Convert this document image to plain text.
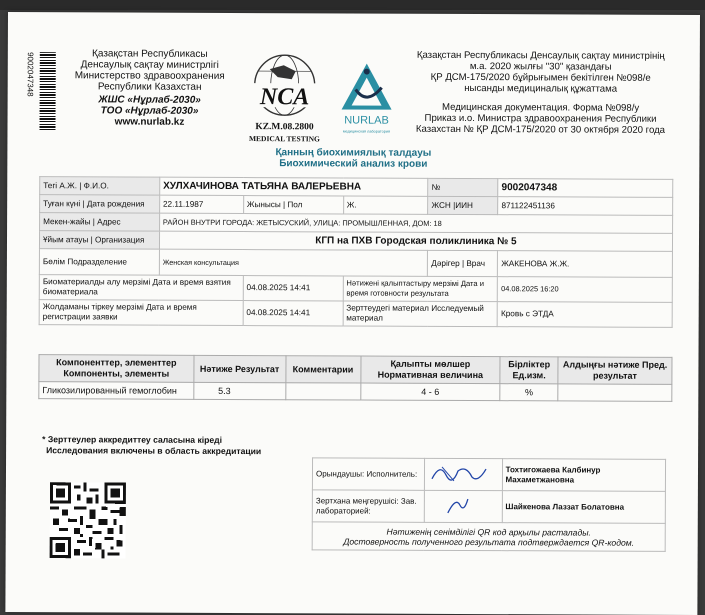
9002047348	Қазақстан Республикасы
Денсаулық сақтау министрлігі
Министерство здравоохранения
Республики Казахстан
ЖШС «Нұрлаб-2030»
ТОО «Нұрлаб-2030»
www.nurlab.kz
NCA
KZ.M.08.2800
MEDICAL TESTING
NURLAB
медицинская лаборатория
Қазақстан Республикасы Денсаулық сақтау министрінің
м.а. 2020 жылғы "30" қазандағы
ҚР ДСМ-175/2020 бұйрығымен бекітілген №098/е
нысанды медициналық құжаттама
Медицинская документация. Форма №098/у
Приказ и.о. Министра здравоохранения Республики
Казахстан № ҚР ДСМ-175/2020 от 30 октября 2020 года
Қанның биохимиялық талдауы
Биохимический анализ крови
Тегі А.Ж. | Ф.И.О.	ХУЛХАЧИНОВА ТАТЬЯНА ВАЛЕРЬЕВНА			№	9002047348
Туған күні | Дата рождения	22.11.1987	Жынысы | Пол	Ж.	ЖСН |ИИН	871122451136
Мекен-жайы | Адрес	РАЙОН ВНУТРИ ГОРОДА: ЖЕТЫСУСКИЙ, УЛИЦА: ПРОМЫШЛЕННАЯ, ДОМ: 18				
Ұйым атауы | Организация	КГП на ПХВ Городская поликлиника № 5				
Бөлім Подразделение	Женская консультация			Дәрігер | Врач	ЖАКЕНОВА Ж.Ж.
Биоматериалды алу мерзімі Дата и время взятия биоматериала		04.08.2025 14:41	Нәтижені қалыптастыру мерзімі Дата и время готовности результата		04.08.2025 16:20
Жолдаманы тіркеу мерзімі Дата и время регистрации заявки		04.08.2025 14:41	Зерттеудегі материал Исследуемый материал		Кровь с ЭТДА
Компоненттер, элементтер Компоненты, элементы	Нәтиже Результат	Комментарии	Қалыпты мөлшер Нормативная величина	Бірліктер Ед.изм.	Алдыңғы нәтиже Пред. результат
Гликозилированный гемоглобин	5.3		4 - 6	%	
* Зерттеулер аккредиттеу саласына кіреді
Исследования включены в область аккредитации
Орындаушы: Исполнитель:		Тохтигожаева Калбинур Махаметжановна
Зертхана меңгерушісі: Зав. лабораторией:		Шайкенова Лаззат Болатовна

Нәтиженің сенімділігі QR код арқылы расталады.
Достоверность полученного результата подтверждается QR-кодом.		
